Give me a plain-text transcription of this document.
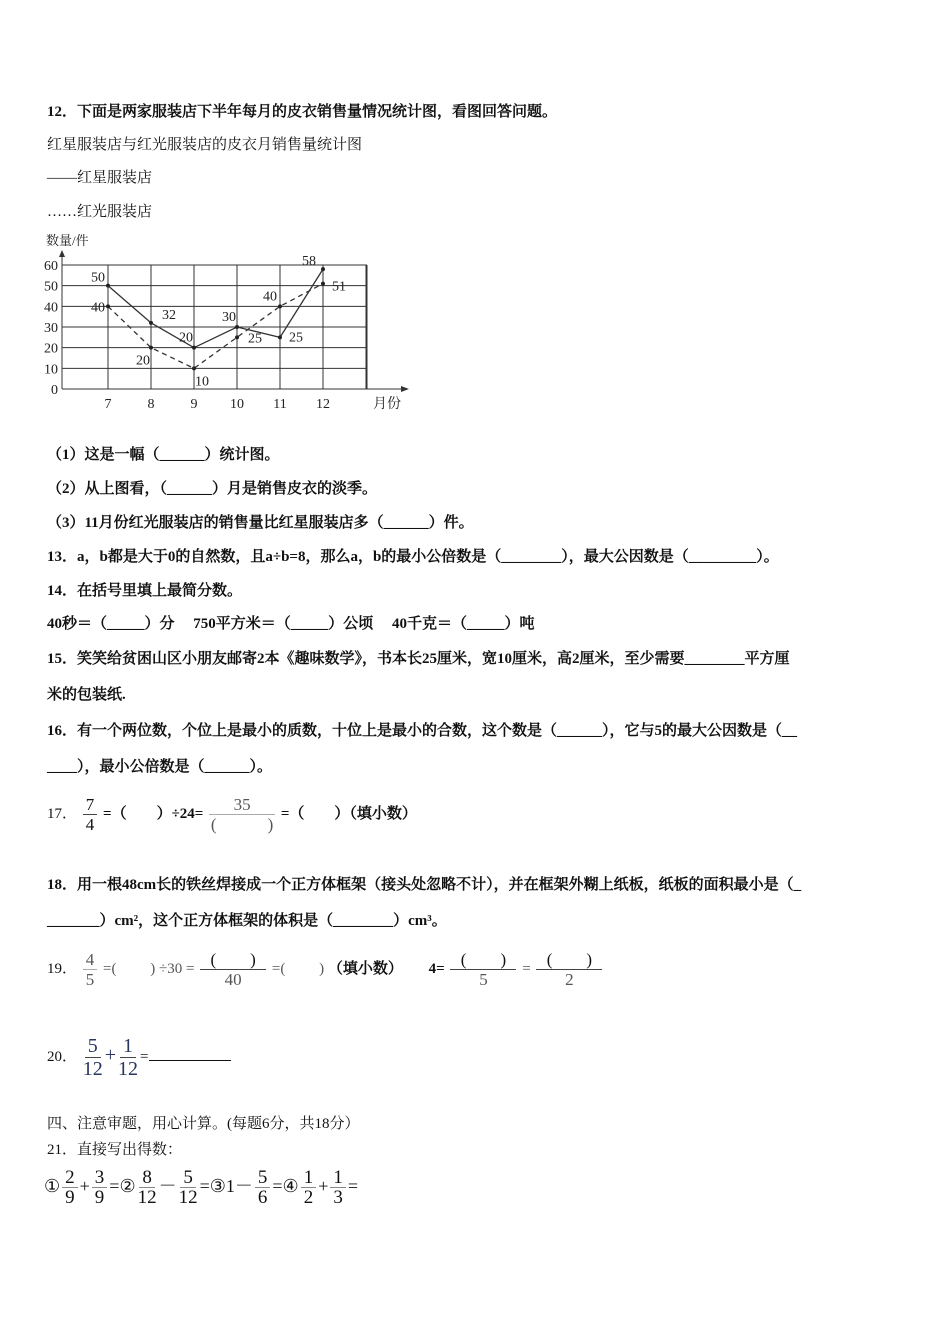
12．下面是两家服装店下半年每月的皮衣销售量情况统计图，看图回答问题。
红星服装店与红光服装店的皮衣月销售量统计图
——红星服装店
……红光服装店
0
10
20
30
40
50
60
7	8	9 10 11 12	月份
数量/件
50
32
20
30
25
58
40
20
10
25
40
51
（1）这是一幅（______）统计图。
（2）从上图看，（______）月是销售皮衣的淡季。
（3）11月份红光服装店的销售量比红星服装店多（______）件。
13．a，b都是大于0的自然数，且a÷b=8，那么a，b的最小公倍数是（________），最大公因数是（_________）。
14．在括号里填上最简分数。
40秒＝（_____）分　 750平方米＝（_____）公顷　 40千克＝（_____）吨
15．笑笑给贫困山区小朋友邮寄2本《趣味数学》，书本长25厘米，宽10厘米，高2厘米，至少需要________平方厘
米的包装纸.
16．有一个两位数，个位上是最小的质数，十位上是最小的合数，这个数是（______），它与5的最大公因数是（__
____），最小公倍数是（______）。
17． $\frac{7}{4}$ =（　　）÷24=	35
(　　　)
=（　　）（填小数）
18．用一根48cm长的铁丝焊接成一个正方体框架（接头处忽略不计），并在框架外糊上纸板，纸板的面积最小是（_
_______）cm²，这个正方体框架的体积是（________）cm³。
19． $\frac{4}{5}$ =(　　 ) ÷30 = (　　)
40
=(　　 ) （填小数） 4= (　　)
5
= (　　)
2
20． $\frac{5}{12} + \frac{1}{12}$ =
四、注意审题，用心计算。(每题6分，共18分）
21．直接写出得数：
① $\frac{2}{9} + \frac{3}{9}$ =② $\frac{8}{12} - \frac{5}{12}$ =③1－ $\frac{5}{6}$ =④ $\frac{1}{2} + \frac{1}{3}$ =
